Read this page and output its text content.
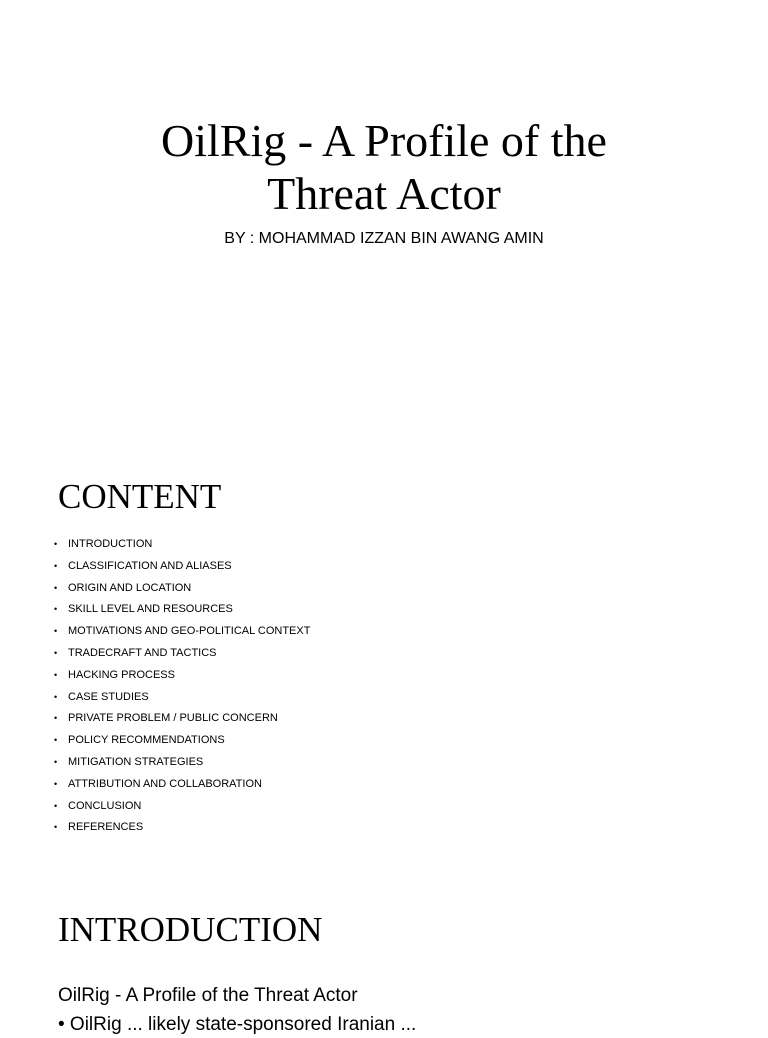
OilRig - A Profile of the
Threat Actor

BY : MOHAMMAD IZZAN BIN AWANG AMIN

CONTENT
• INTRODUCTION
• CLASSIFICATION AND ALIASES
• ORIGIN AND LOCATION
• SKILL LEVEL AND RESOURCES
• MOTIVATIONS AND GEO-POLITICAL CONTEXT
• TRADECRAFT AND TACTICS
• HACKING PROCESS
• CASE STUDIES
• PRIVATE PROBLEM / PUBLIC CONCERN
• POLICY RECOMMENDATIONS
• MITIGATION STRATEGIES
• ATTRIBUTION AND COLLABORATION
• CONCLUSION
• REFERENCES
INTRODUCTION

OilRig - A Profile of the Threat Actor

• OilRig ... likely state-sponsored Iranian ...
